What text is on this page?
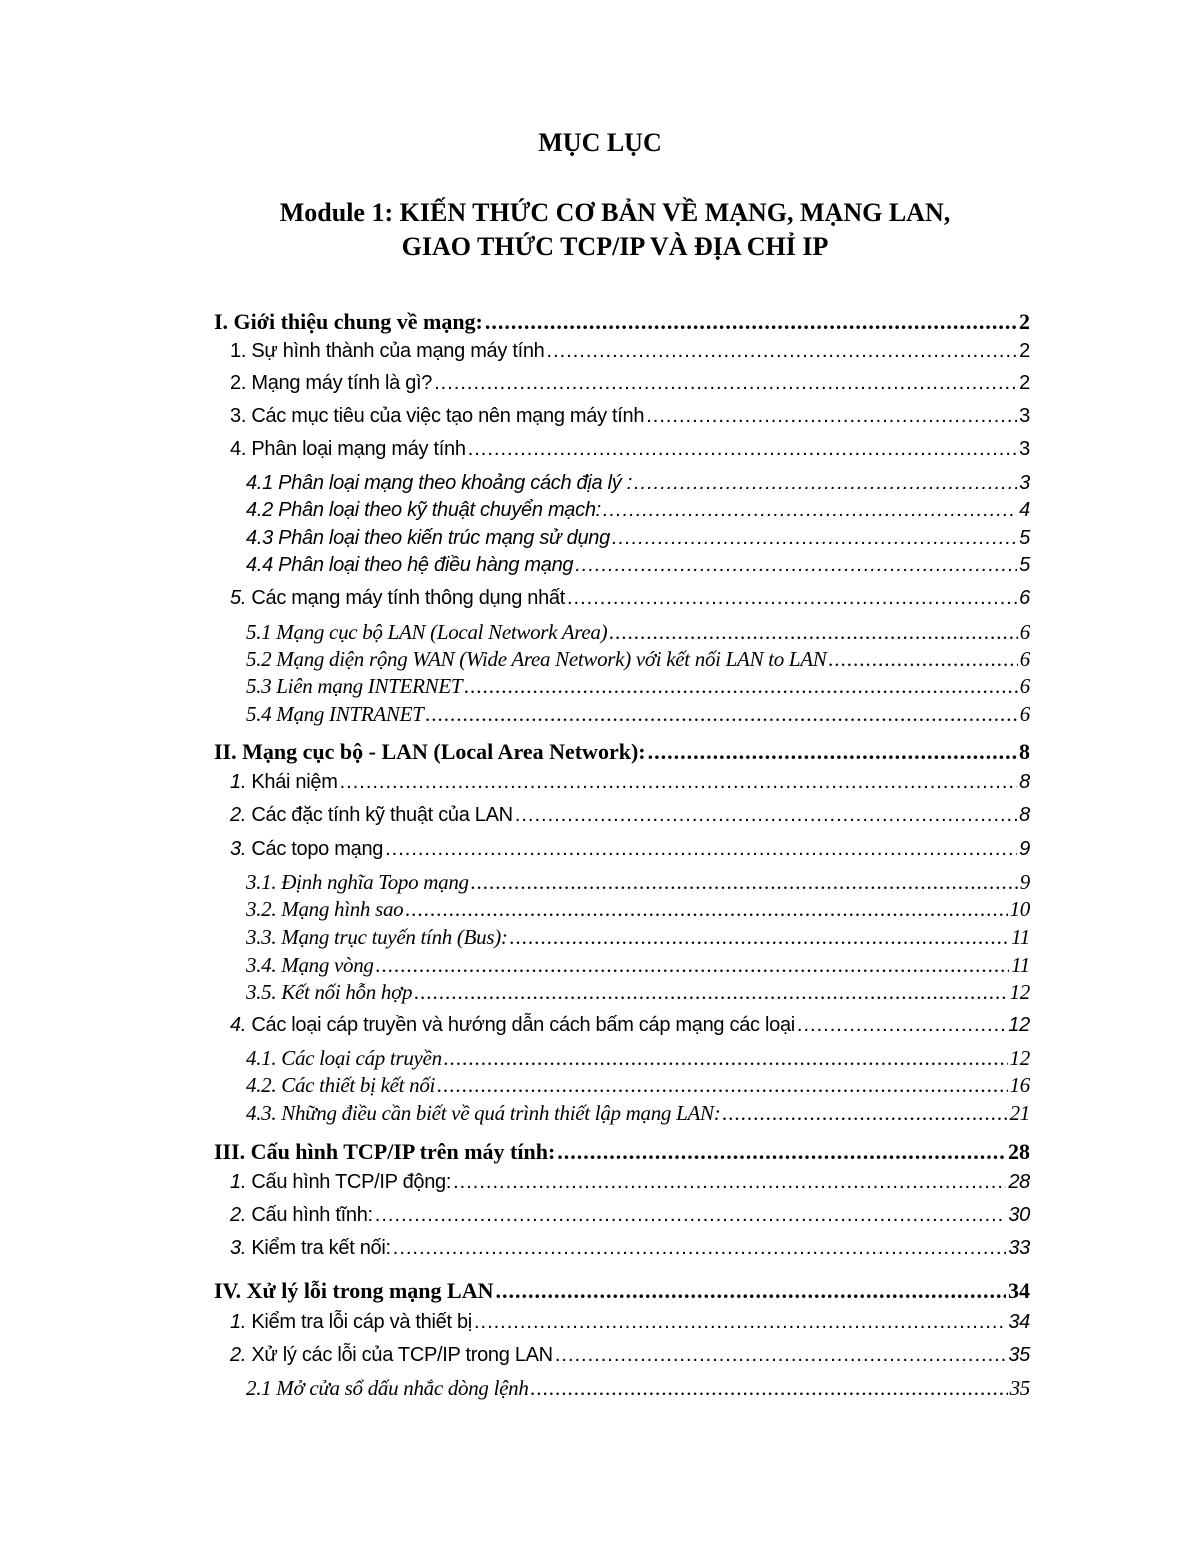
MỤC LỤC
Module 1: KIẾN THỨC CƠ BẢN VỀ MẠNG, MẠNG LAN,
GIAO THỨC TCP/IP VÀ ĐỊA CHỈ IP
I. Giới thiệu chung về mạng: .....	2
1. Sự hình thành của mạng máy tính .....	2
2. Mạng máy tính là gì? .....	2
3. Các mục tiêu của việc tạo nên mạng máy tính .....	3
4. Phân loại mạng máy tính .....	3
4.1 Phân loại mạng theo khoảng cách địa lý : .....	3
4.2 Phân loại theo kỹ thuật chuyển mạch: .....	4
4.3 Phân loại theo kiến trúc mạng sử dụng .....	5
4.4 Phân loại theo hệ điều hàng mạng .....	5
5. Các mạng máy tính thông dụng nhất .....	6
5.1 Mạng cục bộ LAN (Local Network Area) .....	6
5.2 Mạng diện rộng WAN (Wide Area Network) với kết nối LAN to LAN .....	6
5.3 Liên mạng INTERNET .....	6
5.4 Mạng INTRANET .....	6
II. Mạng cục bộ - LAN (Local Area Network): .....	8
1. Khái niệm .....	8
2. Các đặc tính kỹ thuật của LAN .....	8
3. Các topo mạng .....	9
3.1. Định nghĩa Topo mạng .....	9
3.2. Mạng hình sao .....	10
3.3. Mạng trục tuyến tính (Bus): .....	11
3.4. Mạng vòng .....	11
3.5. Kết nối hỗn hợp .....	12
4. Các loại cáp truyền và hướng dẫn cách bấm cáp mạng các loại .....	12
4.1. Các loại cáp truyền .....	12
4.2. Các thiết bị kết nối .....	16
4.3. Những điều cần biết về quá trình thiết lập mạng LAN: .....	21
III. Cấu hình TCP/IP trên máy tính: .....	28
1. Cấu hình TCP/IP động: .....	28
2. Cấu hình tĩnh: .....	30
3. Kiểm tra kết nối: .....	33
IV. Xử lý lỗi trong mạng LAN .....	34
1. Kiểm tra lỗi cáp và thiết bị .....	34
2. Xử lý các lỗi của TCP/IP trong LAN .....	35
2.1 Mở cửa sổ dấu nhắc dòng lệnh .....	35
